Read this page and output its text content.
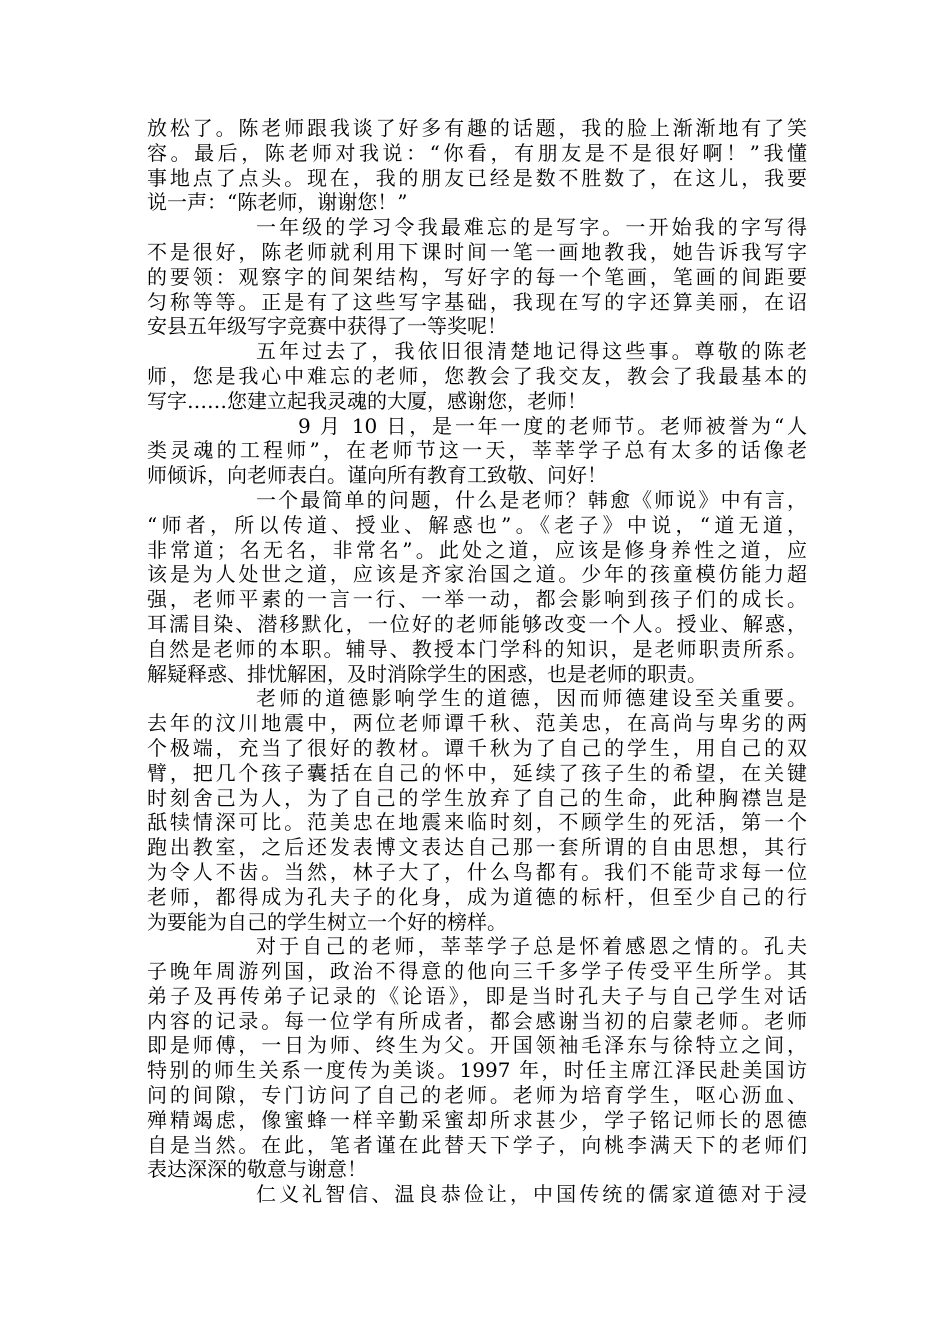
放松了。陈老师跟我谈了好多有趣的话题，我的脸上渐渐地有了笑
容。最后，陈老师对我说：“你看，有朋友是不是很好啊！”我懂
事地点了点头。现在，我的朋友已经是数不胜数了，在这儿，我要
说一声：“陈老师，谢谢您！”
一年级的学习令我最难忘的是写字。一开始我的字写得
不是很好，陈老师就利用下课时间一笔一画地教我，她告诉我写字
的要领：观察字的间架结构，写好字的每一个笔画，笔画的间距要
匀称等等。正是有了这些写字基础，我现在写的字还算美丽，在诏
安县五年级写字竞赛中获得了一等奖呢！
五年过去了，我依旧很清楚地记得这些事。尊敬的陈老
师，您是我心中难忘的老师，您教会了我交友，教会了我最基本的
写字……您建立起我灵魂的大厦，感谢您，老师！
9 月 10 日，是一年一度的老师节。老师被誉为“人
类灵魂的工程师”，在老师节这一天，莘莘学子总有太多的话像老
师倾诉，向老师表白。谨向所有教育工致敬、问好！
一个最简单的问题，什么是老师？韩愈《师说》中有言，
“师者，所以传道、授业、解惑也”。《老子》中说，“道无道，
非常道；名无名，非常名”。此处之道，应该是修身养性之道，应
该是为人处世之道，应该是齐家治国之道。少年的孩童模仿能力超
强，老师平素的一言一行、一举一动，都会影响到孩子们的成长。
耳濡目染、潜移默化，一位好的老师能够改变一个人。授业、解惑，
自然是老师的本职。辅导、教授本门学科的知识，是老师职责所系。
解疑释惑、排忧解困，及时消除学生的困惑，也是老师的职责。
老师的道德影响学生的道德，因而师德建设至关重要。
去年的汶川地震中，两位老师谭千秋、范美忠，在高尚与卑劣的两
个极端，充当了很好的教材。谭千秋为了自己的学生，用自己的双
臂，把几个孩子囊括在自己的怀中，延续了孩子生的希望，在关键
时刻舍己为人，为了自己的学生放弃了自己的生命，此种胸襟岂是
舐犊情深可比。范美忠在地震来临时刻，不顾学生的死活，第一个
跑出教室，之后还发表博文表达自己那一套所谓的自由思想，其行
为令人不齿。当然，林子大了，什么鸟都有。我们不能苛求每一位
老师，都得成为孔夫子的化身，成为道德的标杆，但至少自己的行
为要能为自己的学生树立一个好的榜样。
对于自己的老师，莘莘学子总是怀着感恩之情的。孔夫
子晚年周游列国，政治不得意的他向三千多学子传受平生所学。其
弟子及再传弟子记录的《论语》，即是当时孔夫子与自己学生对话
内容的记录。每一位学有所成者，都会感谢当初的启蒙老师。老师
即是师傅，一日为师、终生为父。开国领袖毛泽东与徐特立之间，
特别的师生关系一度传为美谈。1997 年，时任主席江泽民赴美国访
问的间隙，专门访问了自己的老师。老师为培育学生，呕心沥血、
殚精竭虑，像蜜蜂一样辛勤采蜜却所求甚少，学子铭记师长的恩德
自是当然。在此，笔者谨在此替天下学子，向桃李满天下的老师们
表达深深的敬意与谢意！
仁义礼智信、温良恭俭让，中国传统的儒家道德对于浸
